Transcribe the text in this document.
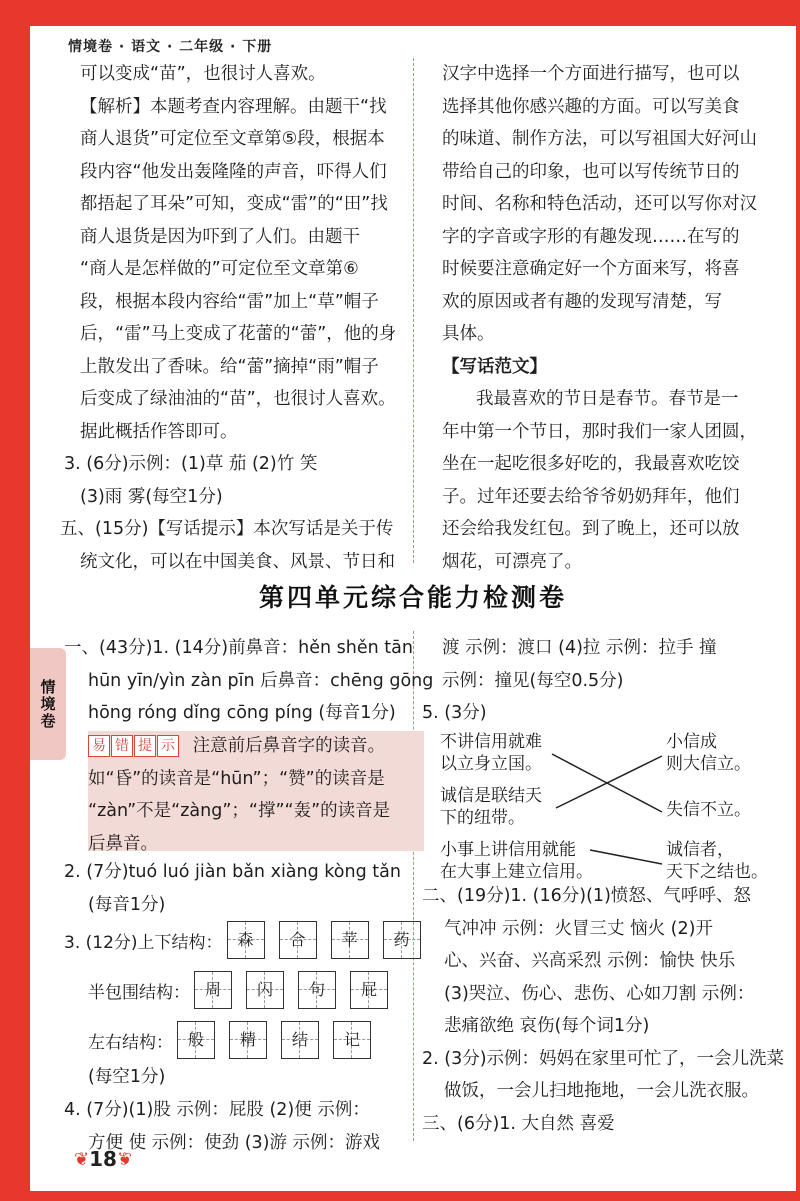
情境卷 · 语文 · 二年级 · 下册

可以变成“苗”，也很讨人喜欢。

【解析】本题考查内容理解。由题干“找

商人退货”可定位至文章第⑤段，根据本

段内容“他发出轰隆隆的声音，吓得人们

都捂起了耳朵”可知，变成“雷”的“田”找

商人退货是因为吓到了人们。由题干

“商人是怎样做的”可定位至文章第⑥

段，根据本段内容给“雷”加上“草”帽子

后，“雷”马上变成了花蕾的“蕾”，他的身

上散发出了香味。给“蕾”摘掉“雨”帽子

后变成了绿油油的“苗”，也很讨人喜欢。

据此概括作答即可。

3. (6分)示例：(1)草 茄 (2)竹 笑

(3)雨 雾(每空1分)

五、(15分)【写话提示】本次写话是关于传

统文化，可以在中国美食、风景、节日和

汉字中选择一个方面进行描写，也可以

选择其他你感兴趣的方面。可以写美食

的味道、制作方法，可以写祖国大好河山

带给自己的印象，也可以写传统节日的

时间、名称和特色活动，还可以写你对汉

字的字音或字形的有趣发现……在写的

时候要注意确定好一个方面来写，将喜

欢的原因或者有趣的发现写清楚，写

具体。

【写话范文】

我最喜欢的节日是春节。春节是一

年中第一个节日，那时我们一家人团圆，

坐在一起吃很多好吃的，我最喜欢吃饺

子。过年还要去给爷爷奶奶拜年，他们

还会给我发红包。到了晚上，还可以放

烟花，可漂亮了。

第四单元综合能力检测卷
情境卷

一、(43分)1. (14分)前鼻音：hěn shěn tān

hūn yīn/yìn zàn pīn 后鼻音：chēng gōng

hōng róng dǐng cōng píng (每音1分)

易 错 提 示 注意前后鼻音字的读音。

如“昏”的读音是“hūn”；“赞”的读音是

“zàn”不是“zàng”；“撑”“轰”的读音是

后鼻音。

2. (7分)tuó luó jiàn bǎn xiàng kòng tǎn

(每音1分)

3. (12分)上下结构： 森	合	苹	药
半包围结构： 周	闪	句	屁
左右结构： 般	精	结	记

(每空1分)

4. (7分)(1)股 示例：屁股 (2)便 示例：

方便 使 示例：使劲 (3)游 示例：游戏

渡 示例：渡口 (4)拉 示例：拉手 撞

示例：撞见(每空0.5分)

5. (3分)

不讲信用就难
以立身立国。
诚信是联结天
下的纽带。
小事上讲信用就能
在大事上建立信用。
小信成
则大信立。
失信不立。
诚信者，
天下之结也。

二、(19分)1. (16分)(1)愤怒、气呼呼、怒

气冲冲 示例：火冒三丈 恼火 (2)开

心、兴奋、兴高采烈 示例：愉快 快乐

(3)哭泣、伤心、悲伤、心如刀割 示例：

悲痛欲绝 哀伤(每个词1分)

2. (3分)示例：妈妈在家里可忙了，一会儿洗菜

做饭，一会儿扫地拖地，一会儿洗衣服。

三、(6分)1. 大自然 喜爱

❦ 18 ❦
